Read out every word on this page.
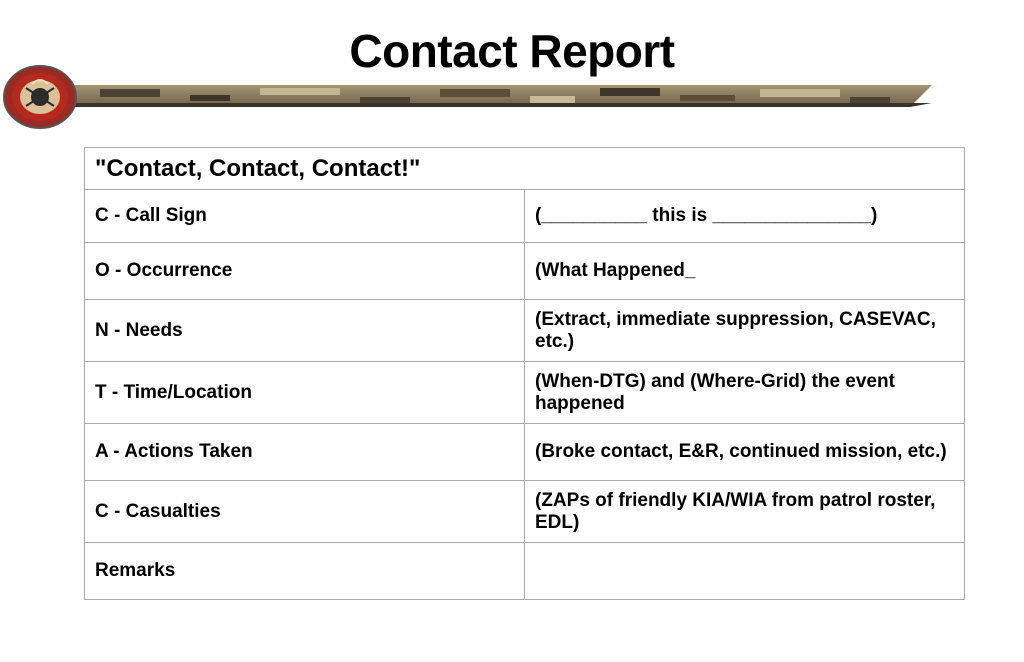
Contact Report
"Contact, Contact, Contact!"	
C - Call Sign	(__________ this is _______________)
O - Occurrence	(What Happened_
N - Needs	(Extract, immediate suppression, CASEVAC, etc.)
T - Time/Location	(When-DTG) and (Where-Grid) the event happened
A - Actions Taken	(Broke contact, E&R, continued mission, etc.)
C - Casualties	(ZAPs of friendly KIA/WIA from patrol roster, EDL)
Remarks	
